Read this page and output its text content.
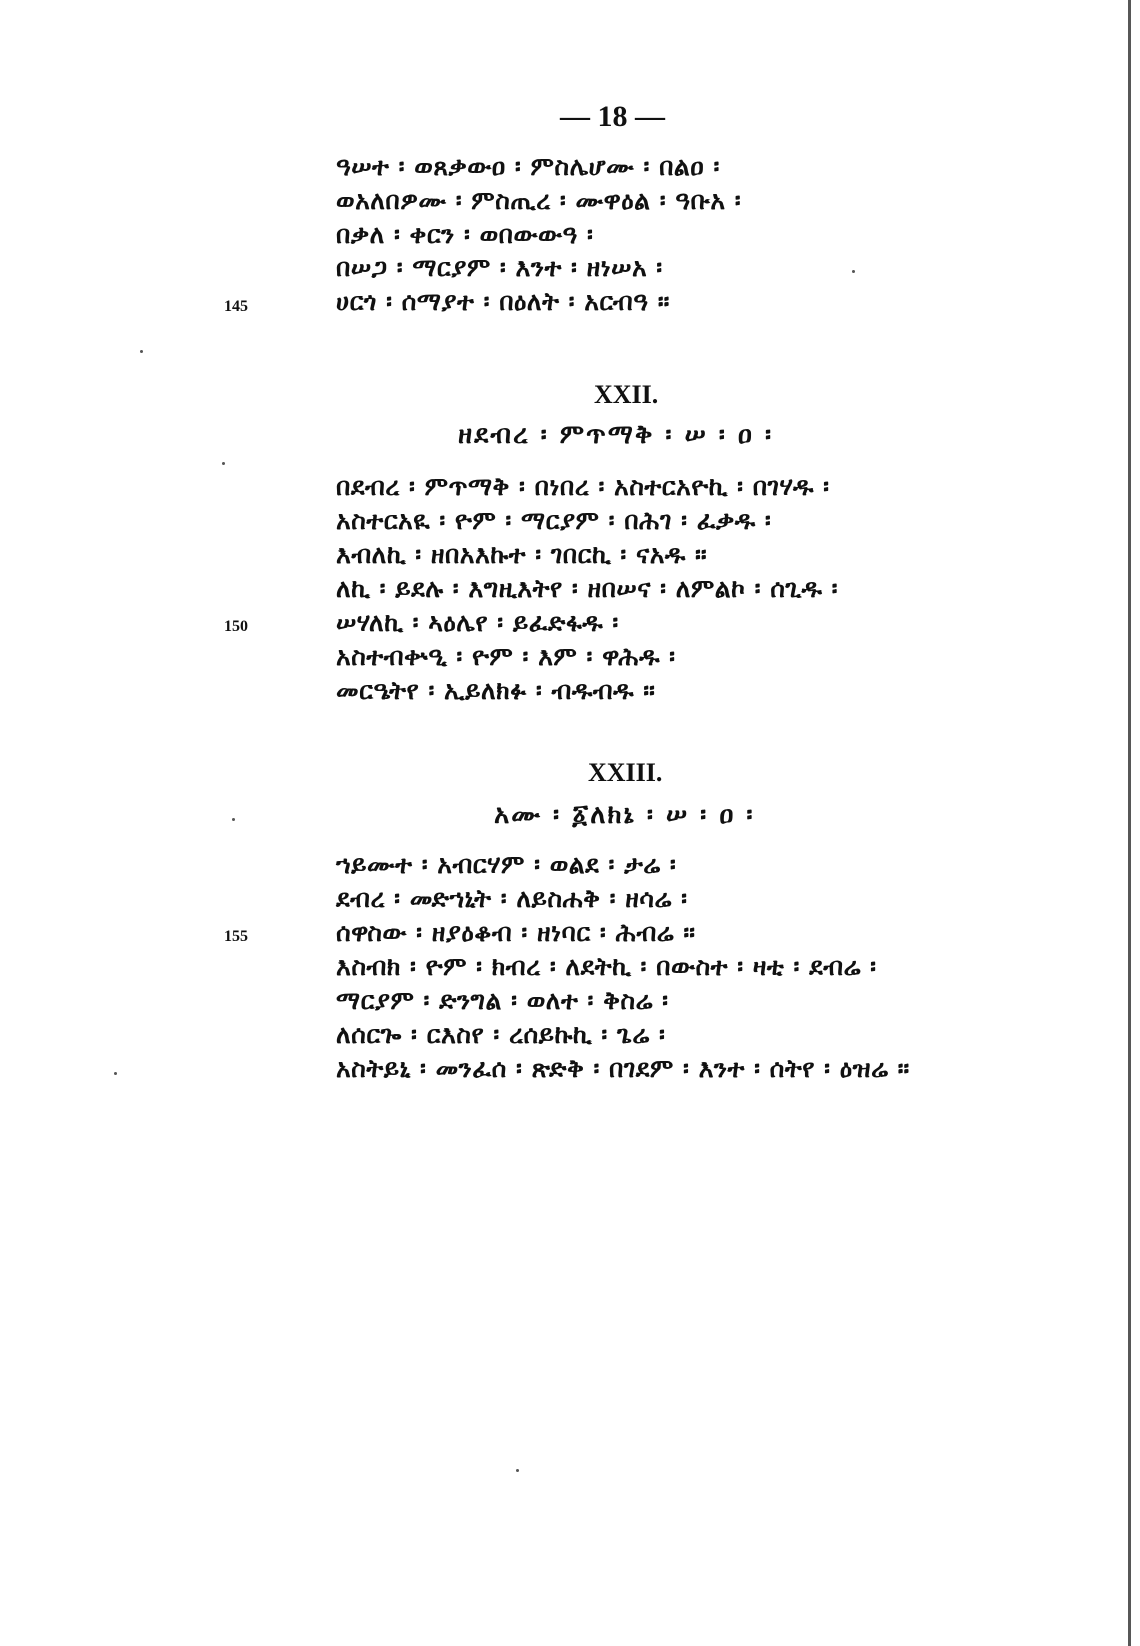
— 18 —
ዓሠተ ፡ ወጸቃውዐ ፡ ምስሌሆሙ ፡ በልዐ ፡
ወአለበዎሙ ፡ ምስጢረ ፡ ሙዋዕል ፡ ዓቡአ ፡
በቃለ ፡ ቀርን ፡ ወበውውዓ ፡
በሠጋ ፡ ማርያም ፡ እንተ ፡ ዘነሠአ ፡
ሀርጎ ፡ ሰማያተ ፡ በዕለት ፡ አርብዓ ።
145
XXII.
ዘደብረ ፡ ምጥማቅ ፡ ሠ ፡ ዐ ፡
በደብረ ፡ ምጥማቅ ፡ በነበረ ፡ አስተርአዮኪ ፡ በገሃዱ ፡
አስተርአዪ ፡ ዮም ፡ ማርያም ፡ በሕገ ፡ ፈቃዱ ፡
እብለኪ ፡ ዘበአእኩተ ፡ ገበርኪ ፡ ናአዱ ።
ለኪ ፡ ይደሉ ፡ እግዚእትየ ፡ ዘበሠና ፡ ለምልኮ ፡ ሰጊዱ ፡
ሠሃለኪ ፡ ኣዕሌየ ፡ ይፈድፋዱ ፡
አስተብቍዒ ፡ ዮም ፡ እም ፡ ዋሕዱ ፡
መርዔትየ ፡ ኢይለክፉ ፡ ብዱብዱ ።
150
XXIII.
አሙ ፡ ፩ለክኔ ፡ ሠ ፡ ዐ ፡
ኀይሙተ ፡ አብርሃም ፡ ወልደ ፡ ታሬ ፡
ደብረ ፡ መድኀኒት ፡ ለይስሐቅ ፡ ዘሳሬ ፡
ሰዋስው ፡ ዘያዕቆብ ፡ ዘነባር ፡ ሕብሬ ።
እስብክ ፡ ዮም ፡ ክብረ ፡ ለደትኪ ፡ በውስተ ፡ ዛቲ ፡ ደብሬ ፡
ማርያም ፡ ድንግል ፡ ወለተ ፡ ቅስሬ ፡
ለሰርጐ ፡ ርእስየ ፡ ረሰይኩኪ ፡ ጌሬ ፡
አስትይኒ ፡ መንፈሰ ፡ ጽድቅ ፡ በገደም ፡ እንተ ፡ ሰትየ ፡ ዕዝሬ ።
155
